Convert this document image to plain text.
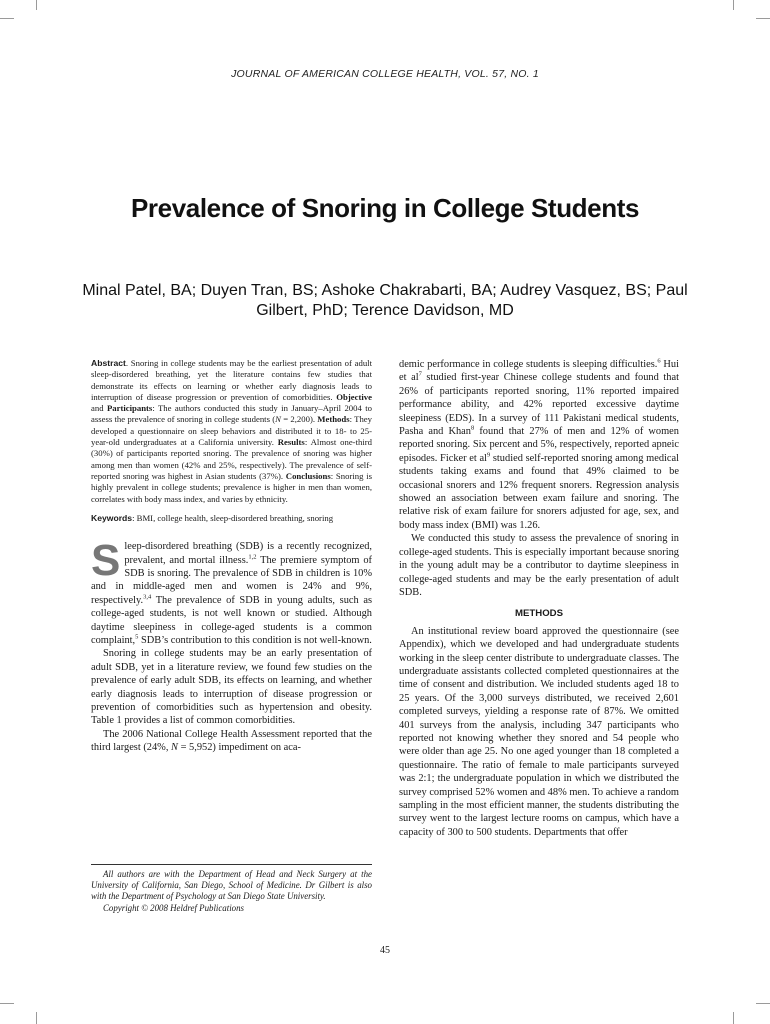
JOURNAL OF AMERICAN COLLEGE HEALTH, VOL. 57, NO. 1
Prevalence of Snoring in College Students

Minal Patel, BA; Duyen Tran, BS; Ashoke Chakrabarti, BA; Audrey Vasquez, BS; Paul Gilbert, PhD; Terence Davidson, MD

Abstract. Snoring in college students may be the earliest presentation of adult sleep-disordered breathing, yet the literature contains few studies that demonstrate its effects on learning or whether early diagnosis leads to interruption of disease progression or prevention of comorbidities. Objective and Participants: The authors conducted this study in January–April 2004 to assess the prevalence of snoring in college students (N = 2,200). Methods: They developed a questionnaire on sleep behaviors and distributed it to 18- to 25-year-old undergraduates at a California university. Results: Almost one-third (30%) of participants reported snoring. The prevalence of snoring was higher among men than women (42% and 25%, respectively). The prevalence of self-reported snoring was highest in Asian students (37%). Conclusions: Snoring is highly prevalent in college students; prevalence is higher in men than women, correlates with body mass index, and varies by ethnicity.

Keywords: BMI, college health, sleep-disordered breathing, snoring

Sleep-disordered breathing (SDB) is a recently recognized, prevalent, and mortal illness.$^{1,2}$ The premiere symptom of SDB is snoring. The prevalence of SDB in children is 10% and in middle-aged men and women is 24% and 9%, respectively.$^{3,4}$ The prevalence of SDB in young adults, such as college-aged students, is not well known or studied. Although daytime sleepiness in college-aged students is a common complaint,$^5$ SDB’s contribution to this condition is not well-known.

Snoring in college students may be an early presentation of adult SDB, yet in a literature review, we found few studies on the prevalence of early adult SDB, its effects on learning, and whether early diagnosis leads to interruption of disease progression or prevention of comorbidities such as hypertension and obesity. Table 1 provides a list of common comorbidities.

The 2006 National College Health Assessment reported that the third largest (24%, N = 5,952) impediment on aca-

All authors are with the Department of Head and Neck Surgery at the University of California, San Diego, School of Medicine. Dr Gilbert is also with the Department of Psychology at San Diego State University.

Copyright © 2008 Heldref Publications

demic performance in college students is sleeping difficulties.$^6$ Hui et $al^7$ studied first-year Chinese college students and found that 26% of participants reported snoring, 11% reported impaired performance ability, and 42% reported excessive daytime sleepiness (EDS). In a survey of 111 Pakistani medical students, Pasha and Khan$^8$ found that 27% of men and 12% of women reported snoring. Six percent and 5%, respectively, reported apneic episodes. Ficker et $al^9$ studied self-reported snoring among medical students taking exams and found that 49% claimed to be occasional snorers and 12% frequent snorers. Regression analysis showed an association between exam failure and snoring. The relative risk of exam failure for snorers adjusted for age, sex, and body mass index (BMI) was 1.26.

We conducted this study to assess the prevalence of snoring in college-aged students. This is especially important because snoring in the young adult may be a contributor to daytime sleepiness in college-aged students and may be the early presentation of adult SDB.

METHODS

An institutional review board approved the questionnaire (see Appendix), which we developed and had undergraduate students working in the sleep center distribute to undergraduate classes. The undergraduate assistants collected completed questionnaires at the time of consent and distribution. We included students aged 18 to 25 years. Of the 3,000 surveys distributed, we received 2,601 completed surveys, yielding a response rate of 87%. We omitted 401 surveys from the analysis, including 347 participants who reported not knowing whether they snored and 54 people who were older than age 25. No one aged younger than 18 completed a questionnaire. The ratio of female to male participants surveyed was 2:1; the undergraduate population in which we distributed the survey comprised 52% women and 48% men. To achieve a random sampling in the most efficient manner, the students distributing the survey went to the largest lecture rooms on campus, which have a capacity of 300 to 500 students. Departments that offer

45
